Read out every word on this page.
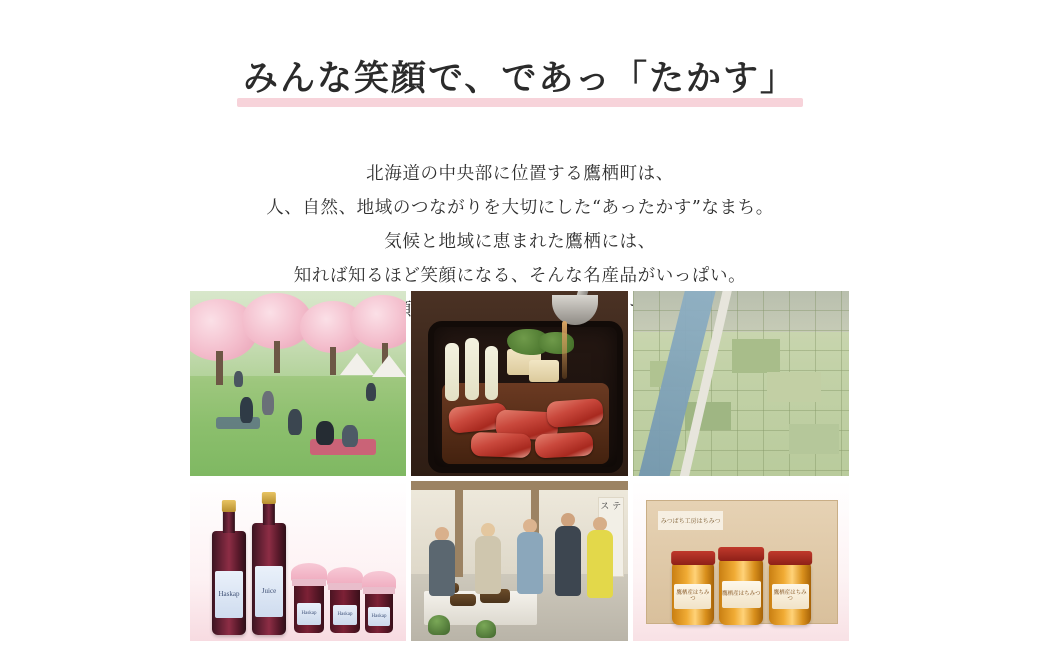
みんな笑顔で、であっ「たかす」
北海道の中央部に位置する鷹栖町は、
人、自然、地域のつながりを大切にした“あったかす”なまち。
気候と地域に恵まれた鷹栖には、
知れば知るほど笑顔になる、そんな名産品がいっぱい。
Haskap	Juice
Haskap	Haskap	Haskap
ス テ
みつばち工房はちみつ
鷹栖産はちみつ
鷹栖産はちみつ	鷹栖産はちみつ
